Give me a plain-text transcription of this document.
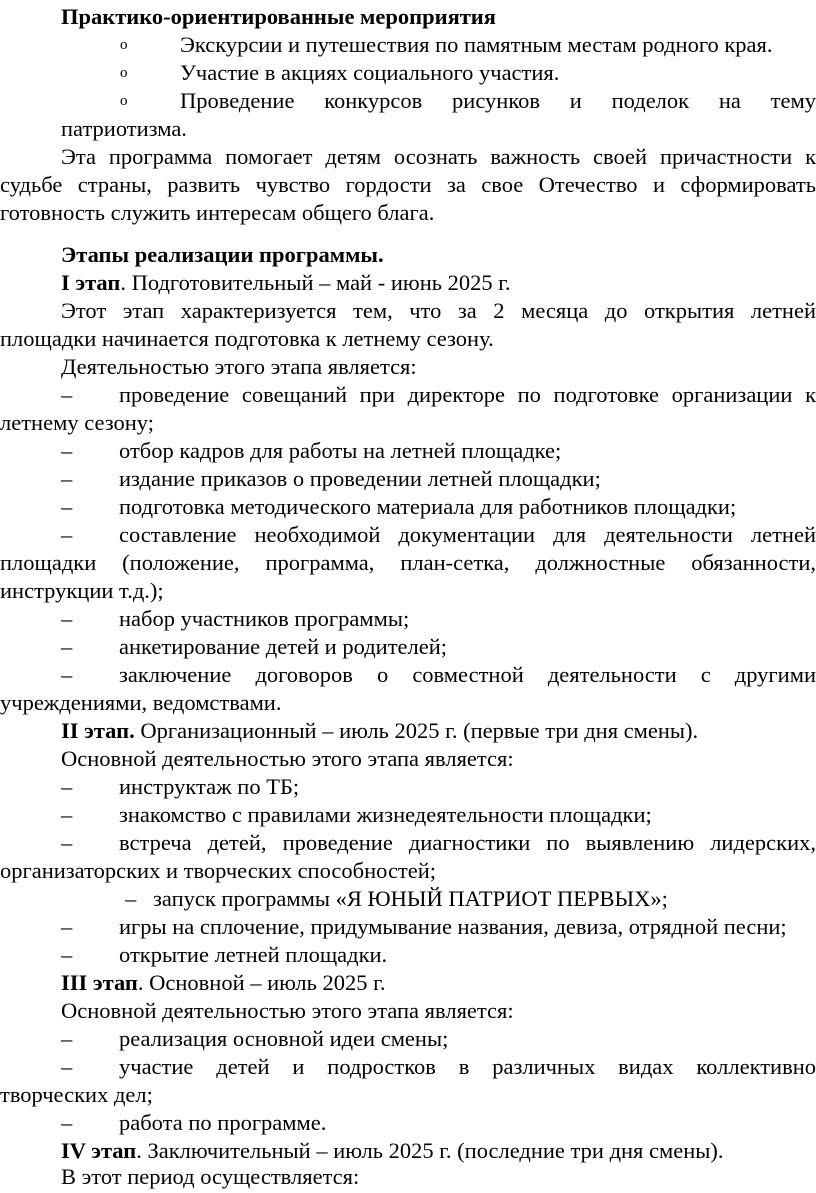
Практико-ориентированные мероприятия
o Экскурсии и путешествия по памятным местам родного края.
o Участие в акциях социального участия.
o Проведение конкурсов рисунков и поделок на тему
патриотизма.
Эта программа помогает детям осознать важность своей причастности к
судьбе страны, развить чувство гордости за свое Отечество и сформировать
готовность служить интересам общего блага.
Этапы реализации программы.
I этап. Подготовительный – май - июнь 2025 г.
Этот этап характеризуется тем, что за 2 месяца до открытия летней
площадки начинается подготовка к летнему сезону.
Деятельностью этого этапа является:
– проведение совещаний при директоре по подготовке организации к
летнему сезону;
– отбор кадров для работы на летней площадке;
– издание приказов о проведении летней площадки;
– подготовка методического материала для работников площадки;
– составление необходимой документации для деятельности летней
площадки (положение, программа, план-сетка, должностные обязанности,
инструкции т.д.);
– набор участников программы;
– анкетирование детей и родителей;
– заключение договоров о совместной деятельности с другими
учреждениями, ведомствами.
II этап. Организационный – июль 2025 г. (первые три дня смены).
Основной деятельностью этого этапа является:
– инструктаж по ТБ;
– знакомство с правилами жизнедеятельности площадки;
– встреча детей, проведение диагностики по выявлению лидерских,
организаторских и творческих способностей;
– запуск программы «Я ЮНЫЙ ПАТРИОТ ПЕРВЫХ»;
– игры на сплочение, придумывание названия, девиза, отрядной песни;
– открытие летней площадки.
III этап. Основной – июль 2025 г.
Основной деятельностью этого этапа является:
– реализация основной идеи смены;
– участие детей и подростков в различных видах коллективно
творческих дел;
– работа по программе.
IV этап. Заключительный – июль 2025 г. (последние три дня смены).
В этот период осуществляется:
